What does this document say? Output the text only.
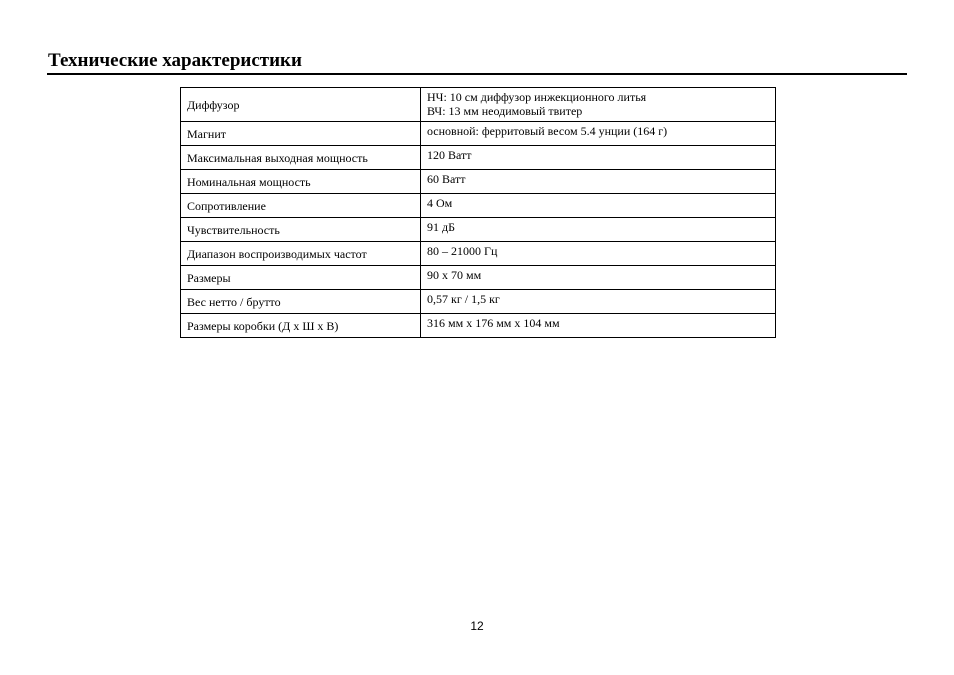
Технические характеристики
Диффузор	НЧ: 10 см диффузор инжекционного литья
ВЧ: 13 мм неодимовый твитер

Магнит	основной: ферритовый весом 5.4 унции (164 г)

Максимальная выходная мощность	120 Ватт

Номинальная мощность	60 Ватт

Сопротивление	4 Ом

Чувствительность	91 дБ

Диапазон воспроизводимых частот	80 – 21000 Гц

Размеры	90 х 70 мм

Вес нетто / брутто	0,57 кг / 1,5 кг

Размеры коробки (Д х Ш х В)	316 мм х 176 мм х 104 мм
12
